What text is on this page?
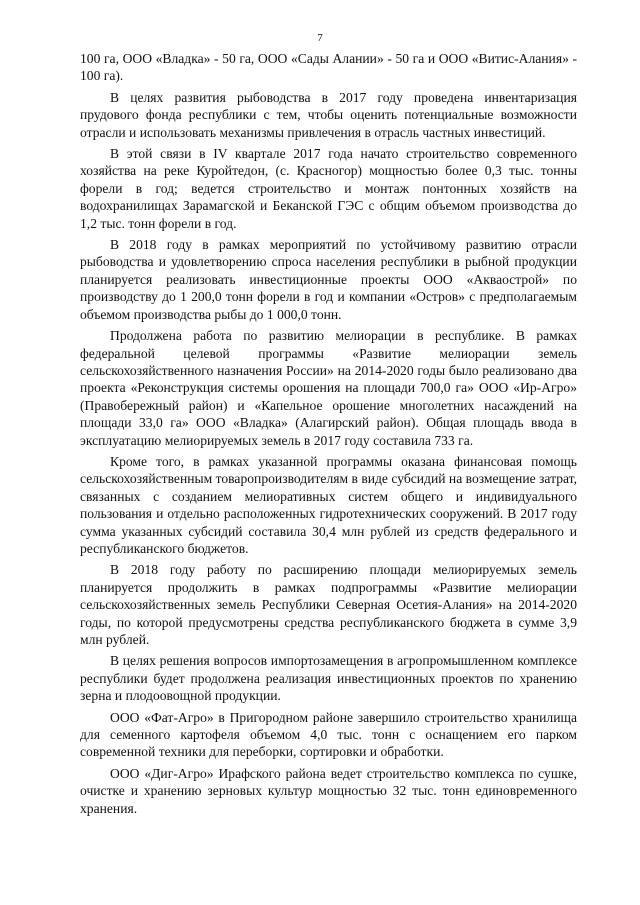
7

100 га, ООО «Владка» - 50 га, ООО «Сады Алании» - 50 га и ООО «Витис-Алания» - 100 га).

В целях развития рыбоводства в 2017 году проведена инвентаризация прудового фонда республики с тем, чтобы оценить потенциальные возможности отрасли и использовать механизмы привлечения в отрасль частных инвестиций.

В этой связи в IV квартале 2017 года начато строительство современного хозяйства на реке Куройтедон, (с. Красногор) мощностью более 0,3 тыс. тонны форели в год; ведется строительство и монтаж понтонных хозяйств на водохранилищах Зарамагской и Беканской ГЭС с общим объемом производства до 1,2 тыс. тонн форели в год.

В 2018 году в рамках мероприятий по устойчивому развитию отрасли рыбоводства и удовлетворению спроса населения республики в рыбной продукции планируется реализовать инвестиционные проекты ООО «Акваострой» по производству до 1 200,0 тонн форели в год и компании «Остров» с предполагаемым объемом производства рыбы до 1 000,0 тонн.

Продолжена работа по развитию мелиорации в республике. В рамках федеральной целевой программы «Развитие мелиорации земель сельскохозяйственного назначения России» на 2014-2020 годы было реализовано два проекта «Реконструкция системы орошения на площади 700,0 га» ООО «Ир-Агро» (Правобережный район) и «Капельное орошение многолетних насаждений на площади 33,0 га» ООО «Владка» (Алагирский район). Общая площадь ввода в эксплуатацию мелиорируемых земель в 2017 году составила 733 га.

Кроме того, в рамках указанной программы оказана финансовая помощь сельскохозяйственным товаропроизводителям в виде субсидий на возмещение затрат, связанных с созданием мелиоративных систем общего и индивидуального пользования и отдельно расположенных гидротехнических сооружений. В 2017 году сумма указанных субсидий составила 30,4 млн рублей из средств федерального и республиканского бюджетов.

В 2018 году работу по расширению площади мелиорируемых земель планируется продолжить в рамках подпрограммы «Развитие мелиорации сельскохозяйственных земель Республики Северная Осетия-Алания» на 2014-2020 годы, по которой предусмотрены средства республиканского бюджета в сумме 3,9 млн рублей.

В целях решения вопросов импортозамещения в агропромышленном комплексе республики будет продолжена реализация инвестиционных проектов по хранению зерна и плодоовощной продукции.

ООО «Фат-Агро» в Пригородном районе завершило строительство хранилища для семенного картофеля объемом 4,0 тыс. тонн с оснащением его парком современной техники для переборки, сортировки и обработки.

ООО «Диг-Агро» Ирафского района ведет строительство комплекса по сушке, очистке и хранению зерновых культур мощностью 32 тыс. тонн единовременного хранения.
